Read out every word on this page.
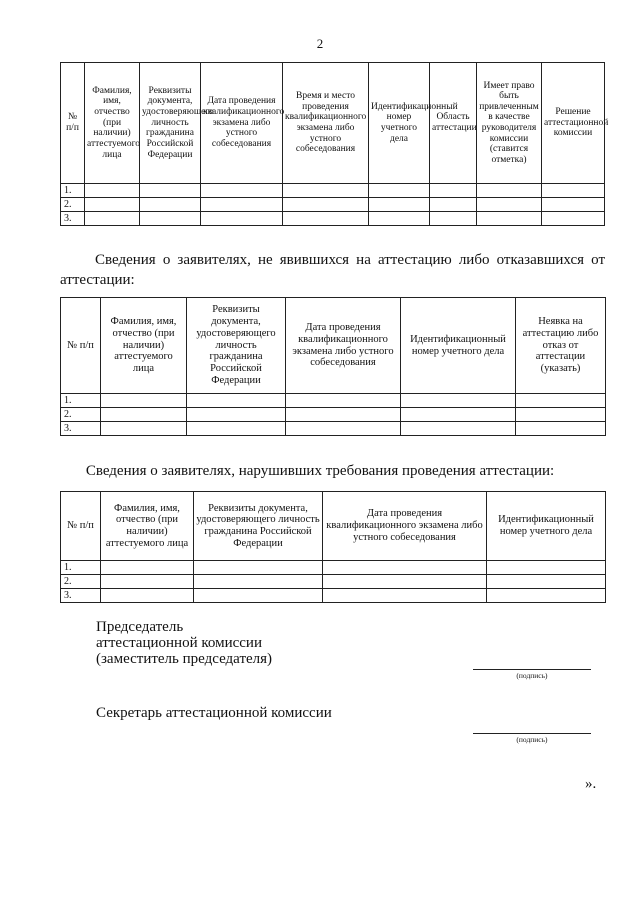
2
№ п/п	Фамилия, имя, отчество (при наличии) аттестуемого лица	Реквизиты документа, удостоверяющего личность гражданина Российской Федерации	Дата проведения квалификационного экзамена либо устного собеседования	Время и место проведения квалификационного экзамена либо устного собеседования	Идентификационный номер учетного дела	Область аттестации	Имеет право быть привлеченным в качестве руководителя комиссии (ставится отметка)	Решение аттестационной комиссии
1.								
2.								
3.								
Сведения о заявителях, не явившихся на аттестацию либо отказавшихся от аттестации:
№ п/п	Фамилия, имя, отчество (при наличии) аттестуемого лица	Реквизиты документа, удостоверяющего личность гражданина Российской Федерации	Дата проведения квалификационного экзамена либо устного собеседования	Идентификационный номер учетного дела	Неявка на аттестацию либо отказ от аттестации (указать)
1.					
2.					
3.					
Сведения о заявителях, нарушивших требования проведения аттестации:
№ п/п	Фамилия, имя, отчество (при наличии) аттестуемого лица	Реквизиты документа, удостоверяющего личность гражданина Российской Федерации	Дата проведения квалификационного экзамена либо устного собеседования	Идентификационный номер учетного дела
1.				
2.				
3.				
Председатель
аттестационной комиссии
(заместитель председателя)
(подпись)
Секретарь аттестационной комиссии
(подпись)
».
